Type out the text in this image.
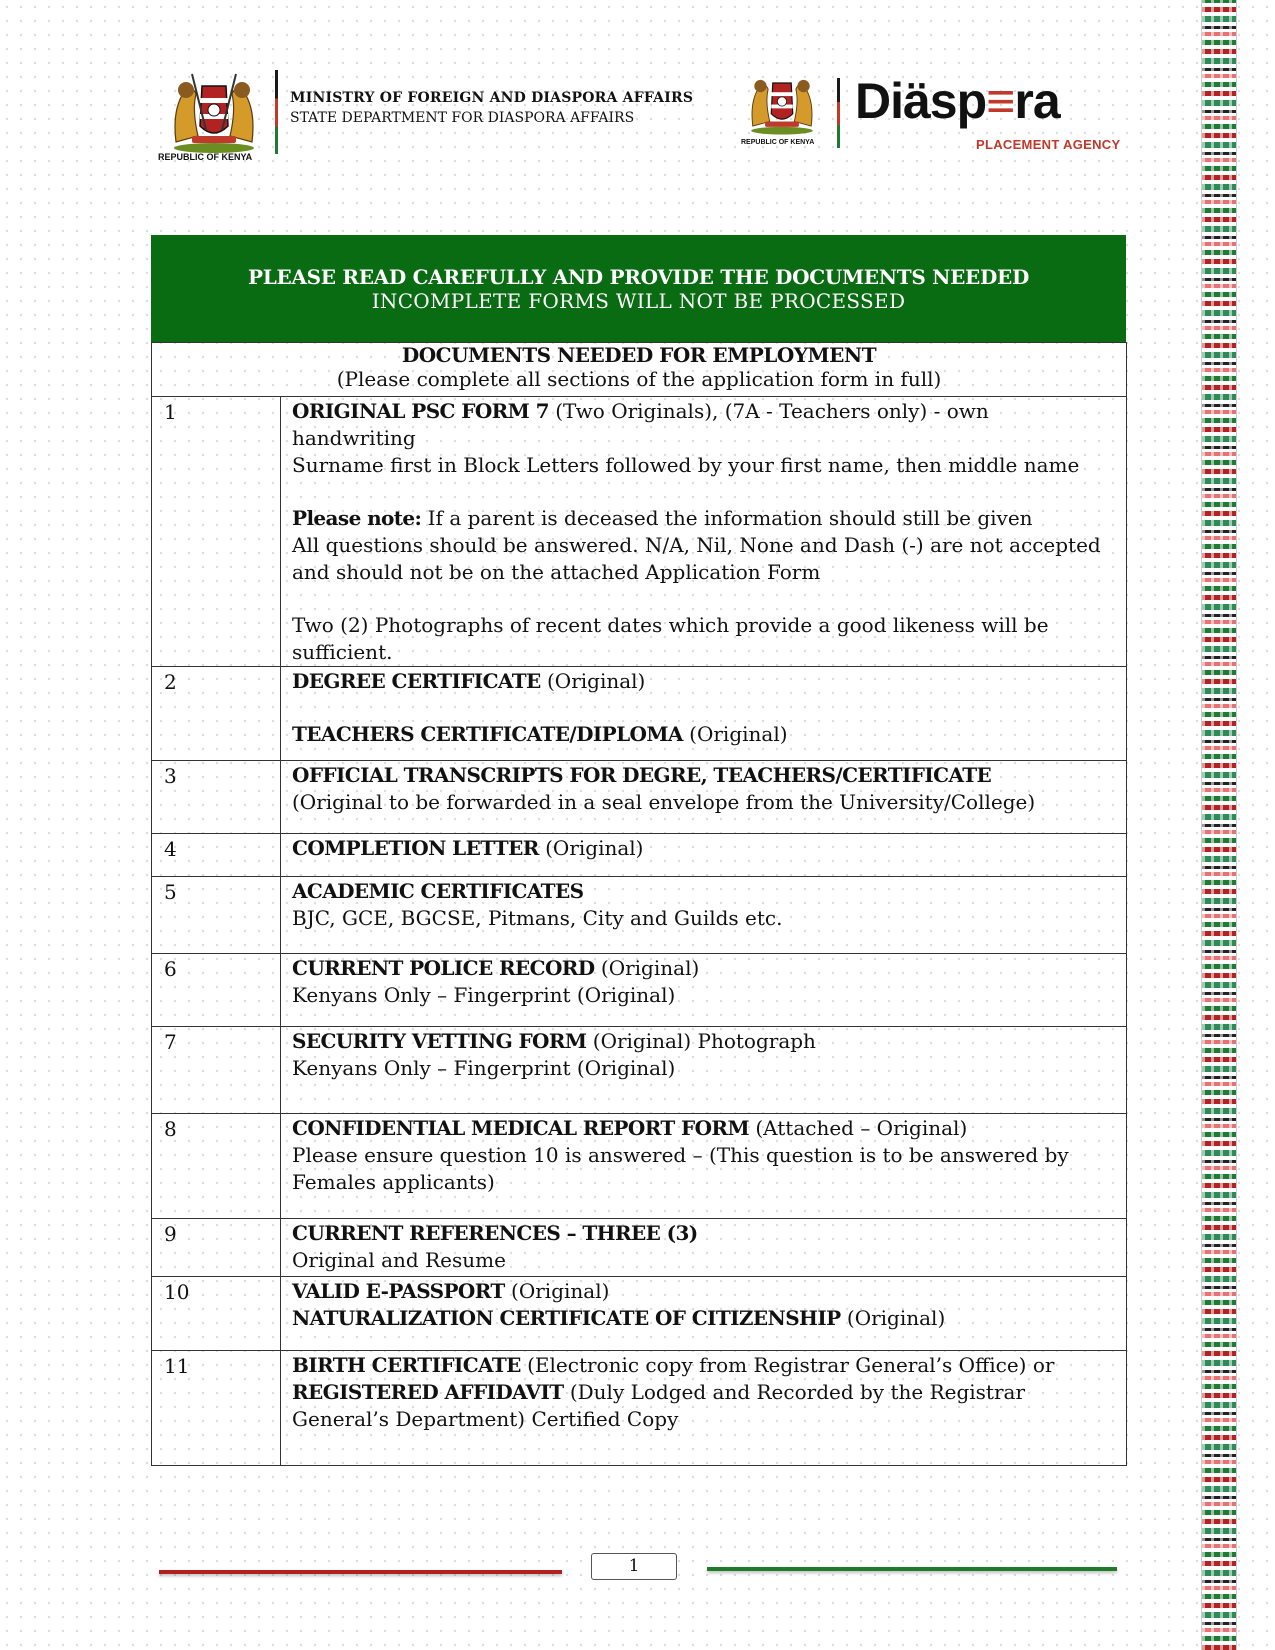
REPUBLIC OF KENYA
MINISTRY OF FOREIGN AND DIASPORA AFFAIRS
STATE DEPARTMENT FOR DIASPORA AFFAIRS
REPUBLIC OF KENYA
Diäsp≡ra
PLACEMENT AGENCY
PLEASE READ CAREFULLY AND PROVIDE THE DOCUMENTS NEEDED
INCOMPLETE FORMS WILL NOT BE PROCESSED
DOCUMENTS NEEDED FOR EMPLOYMENT
(Please complete all sections of the application form in full)	

1	ORIGINAL PSC FORM 7 (Two Originals), (7A - Teachers only) - own handwriting
Surname first in Block Letters followed by your first name, then middle name
Please note: If a parent is deceased the information should still be given
All questions should be answered. N/A, Nil, None and Dash (-) are not accepted and should not be on the attached Application Form
Two (2) Photographs of recent dates which provide a good likeness will be sufficient.

2	DEGREE CERTIFICATE (Original)
TEACHERS CERTIFICATE/DIPLOMA (Original)

3	OFFICIAL TRANSCRIPTS FOR DEGRE, TEACHERS/CERTIFICATE
(Original to be forwarded in a seal envelope from the University/College)

4	COMPLETION LETTER (Original)

5	ACADEMIC CERTIFICATES
BJC, GCE, BGCSE, Pitmans, City and Guilds etc.

6	CURRENT POLICE RECORD (Original)
Kenyans Only – Fingerprint (Original)

7	SECURITY VETTING FORM (Original) Photograph
Kenyans Only – Fingerprint (Original)

8	CONFIDENTIAL MEDICAL REPORT FORM (Attached – Original)
Please ensure question 10 is answered – (This question is to be answered by Females applicants)

9	CURRENT REFERENCES – THREE (3)
Original and Resume

10	VALID E-PASSPORT (Original)
NATURALIZATION CERTIFICATE OF CITIZENSHIP (Original)

11	BIRTH CERTIFICATE (Electronic copy from Registrar General’s Office) or REGISTERED AFFIDAVIT (Duly Lodged and Recorded by the Registrar General’s Department) Certified Copy
1
